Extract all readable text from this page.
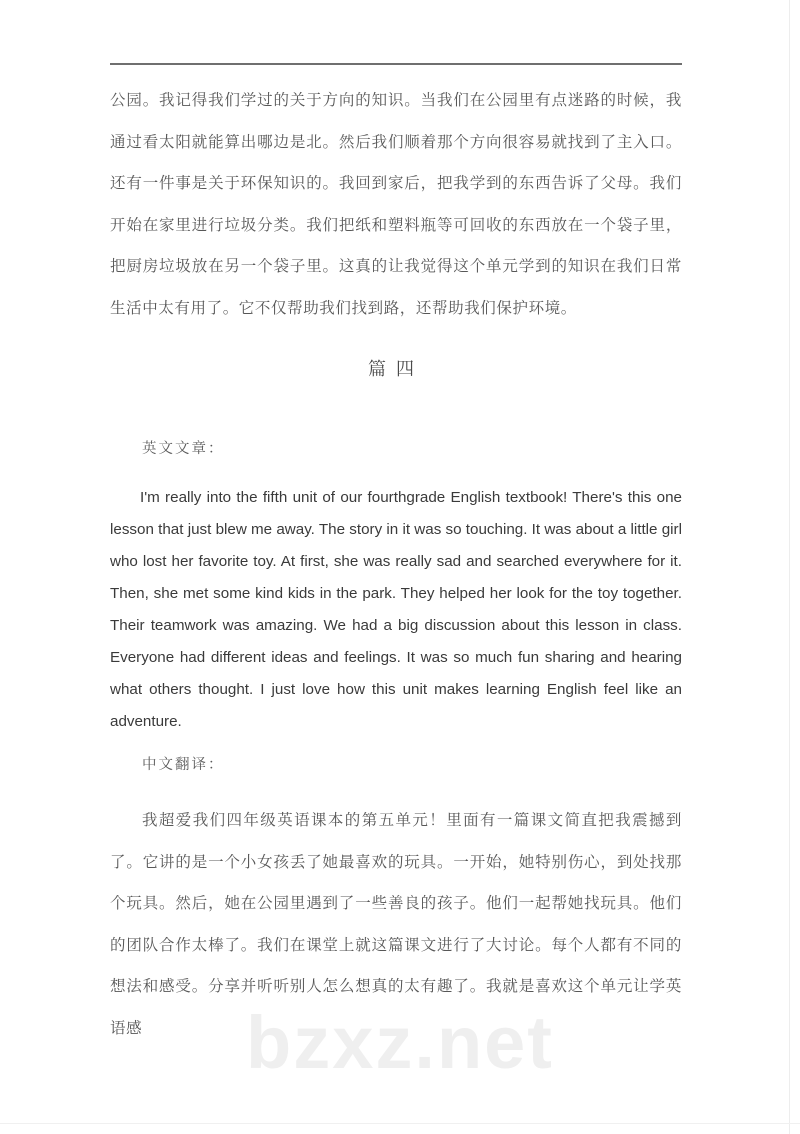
公园。我记得我们学过的关于方向的知识。当我们在公园里有点迷路的时候，我通过看太阳就能算出哪边是北。然后我们顺着那个方向很容易就找到了主入口。还有一件事是关于环保知识的。我回到家后，把我学到的东西告诉了父母。我们开始在家里进行垃圾分类。我们把纸和塑料瓶等可回收的东西放在一个袋子里，把厨房垃圾放在另一个袋子里。这真的让我觉得这个单元学到的知识在我们日常生活中太有用了。它不仅帮助我们找到路，还帮助我们保护环境。

篇四
英文文章：

I'm really into the fifth unit of our fourthgrade English textbook! There's this one lesson that just blew me away. The story in it was so touching. It was about a little girl who lost her favorite toy. At first, she was really sad and searched everywhere for it. Then, she met some kind kids in the park. They helped her look for the toy together. Their teamwork was amazing. We had a big discussion about this lesson in class. Everyone had different ideas and feelings. It was so much fun sharing and hearing what others thought. I just love how this unit makes learning English feel like an adventure.

中文翻译：

我超爱我们四年级英语课本的第五单元！里面有一篇课文简直把我震撼到了。它讲的是一个小女孩丢了她最喜欢的玩具。一开始，她特别伤心，到处找那个玩具。然后，她在公园里遇到了一些善良的孩子。他们一起帮她找玩具。他们的团队合作太棒了。我们在课堂上就这篇课文进行了大讨论。每个人都有不同的想法和感受。分享并听听别人怎么想真的太有趣了。我就是喜欢这个单元让学英语感	bzxz.net
